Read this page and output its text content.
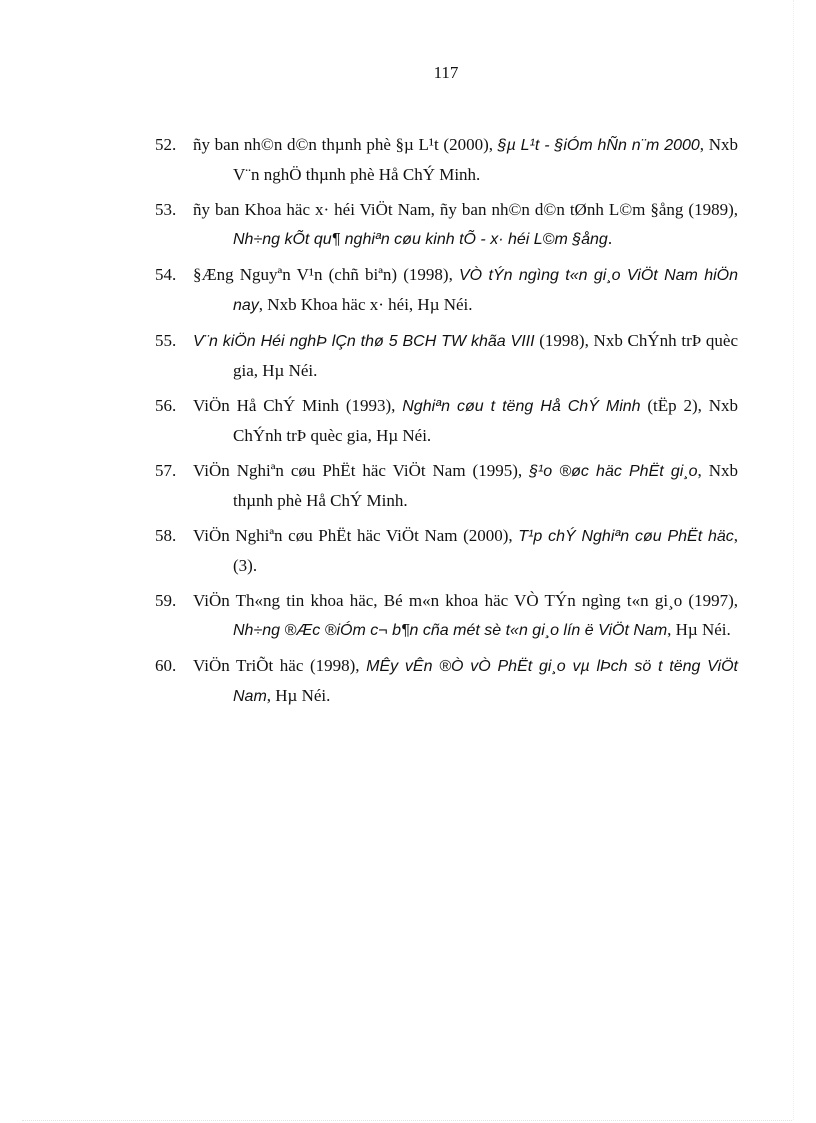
117
52. ñy ban nh©n d©n thµnh phè §µ L¹t (2000), §µ L¹t - §iÓm hÑn n¨m 2000, Nxb V¨n nghÖ thµnh phè Hå ChÝ Minh.
53. ñy ban Khoa häc x· héi ViÖt Nam, ñy ban nh©n d©n tØnh L©m §ång (1989), Nh÷ng kÕt qu¶ nghiªn cøu kinh tÕ - x· héi L©m §ång.
54. §Æng Nguyªn V¹n (chñ biªn) (1998), VÒ tÝn ngìng t«n gi¸o ViÖt Nam hiÖn nay, Nxb Khoa häc x· héi, Hµ Néi.
55.	V¨n kiÖn Héi nghÞ lÇn thø 5 BCH TW khãa VIII (1998), Nxb ChÝnh trÞ quèc gia, Hµ Néi.
56. ViÖn Hå ChÝ Minh (1993), Nghiªn cøu t tëng Hå ChÝ Minh (tËp 2), Nxb ChÝnh trÞ quèc gia, Hµ Néi.
57. ViÖn Nghiªn cøu PhËt häc ViÖt Nam (1995), §¹o ®øc häc PhËt gi¸o, Nxb thµnh phè Hå ChÝ Minh.
58. ViÖn Nghiªn cøu PhËt häc ViÖt Nam (2000), T¹p chÝ Nghiªn cøu PhËt häc, (3).
59. ViÖn Th«ng tin khoa häc, Bé m«n khoa häc VÒ TÝn ngìng t«n gi¸o (1997), Nh÷ng ®Æc ®iÓm c¬ b¶n cña mét sè t«n gi¸o lín ë ViÖt Nam, Hµ Néi.
60. ViÖn TriÕt häc (1998), MÊy vÊn ®Ò vÒ PhËt gi¸o vµ lÞch sö t tëng ViÖt Nam, Hµ Néi.
